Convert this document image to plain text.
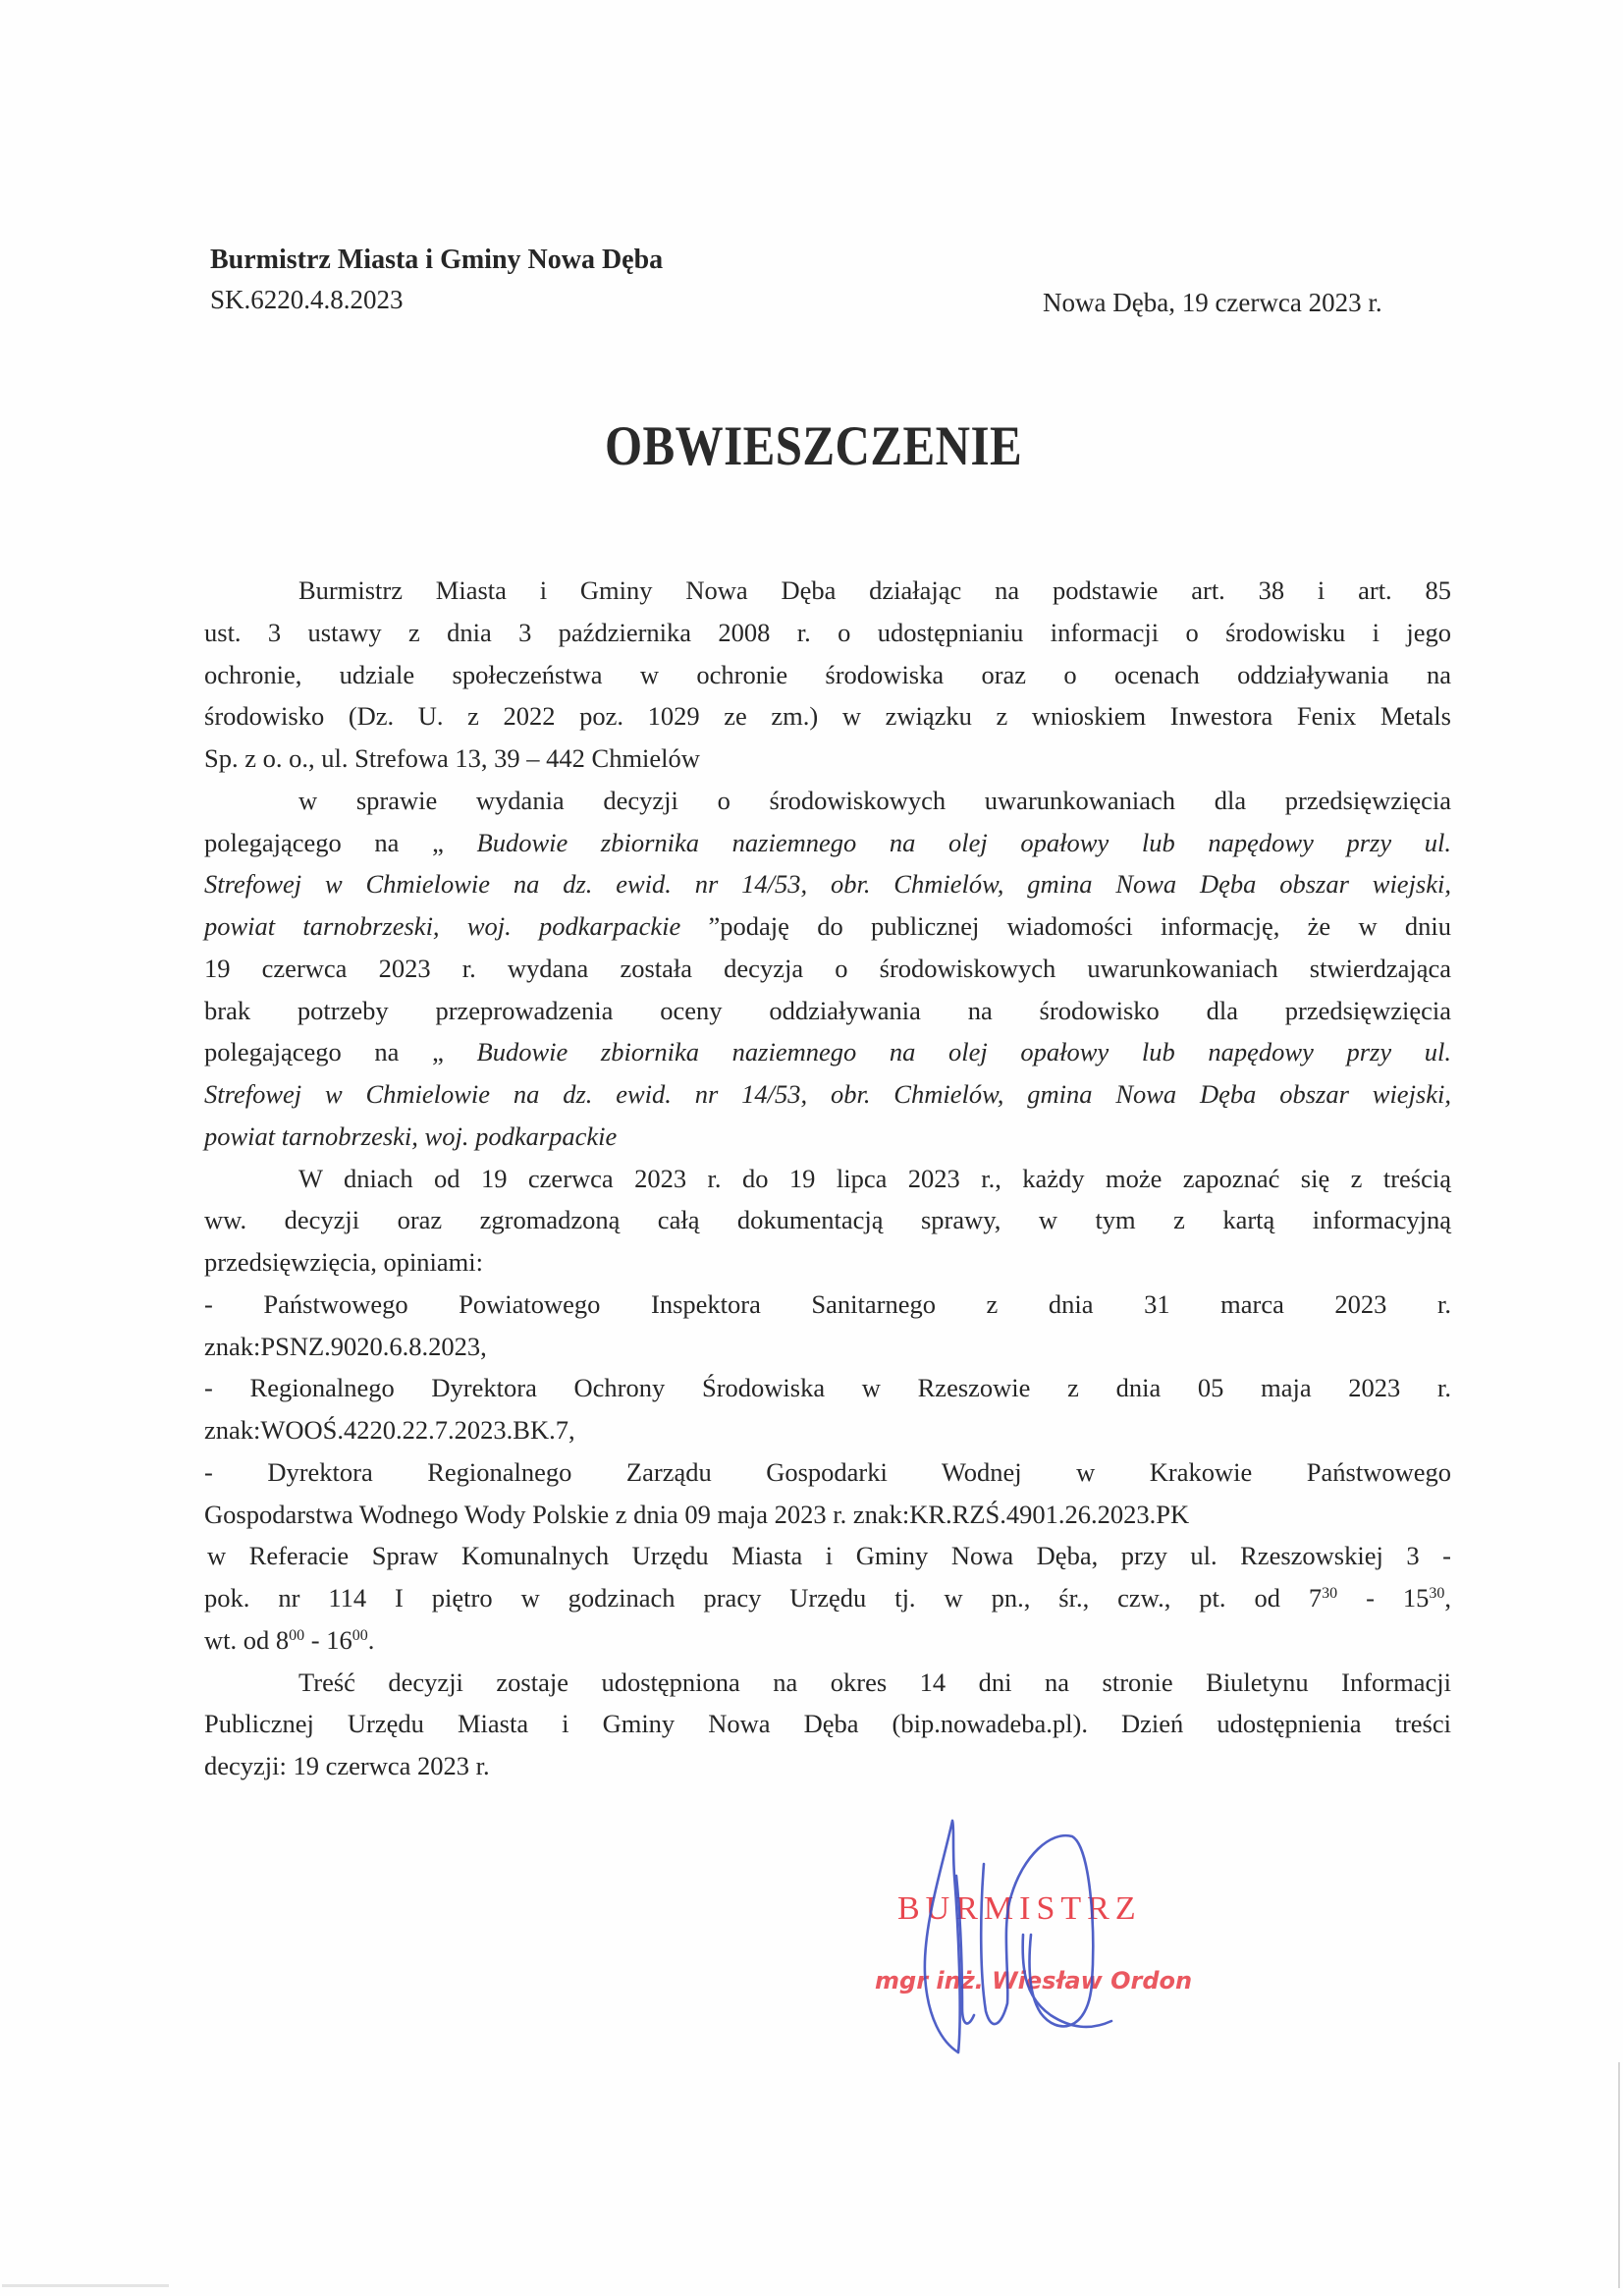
Burmistrz Miasta i Gminy Nowa Dęba
SK.6220.4.8.2023	Nowa Dęba, 19 czerwca 2023 r.
OBWIESZCZENIE
Burmistrz Miasta i Gminy Nowa Dęba działając na podstawie art. 38 i art. 85
ust. 3 ustawy z dnia 3 października 2008 r. o udostępnianiu informacji o środowisku i jego
ochronie, udziale społeczeństwa w ochronie środowiska oraz o ocenach oddziaływania na
środowisko (Dz. U. z 2022 poz. 1029 ze zm.) w związku z wnioskiem Inwestora Fenix Metals
Sp. z o. o., ul. Strefowa 13, 39 – 442 Chmielów
w sprawie wydania decyzji o środowiskowych uwarunkowaniach dla przedsięwzięcia
polegającego na „ Budowie zbiornika naziemnego na olej opałowy lub napędowy przy ul.
Strefowej w Chmielowie na dz. ewid. nr 14/53, obr. Chmielów, gmina Nowa Dęba obszar wiejski,
powiat tarnobrzeski, woj. podkarpackie ”podaję do publicznej wiadomości informację, że w dniu
19 czerwca 2023 r. wydana została decyzja o środowiskowych uwarunkowaniach stwierdzająca
brak potrzeby przeprowadzenia oceny oddziaływania na środowisko dla przedsięwzięcia
polegającego na „ Budowie zbiornika naziemnego na olej opałowy lub napędowy przy ul.
Strefowej w Chmielowie na dz. ewid. nr 14/53, obr. Chmielów, gmina Nowa Dęba obszar wiejski,
powiat tarnobrzeski, woj. podkarpackie
W dniach od 19 czerwca 2023 r. do 19 lipca 2023 r., każdy może zapoznać się z treścią
ww. decyzji oraz zgromadzoną całą dokumentacją sprawy, w tym z kartą informacyjną
przedsięwzięcia, opiniami:
- Państwowego Powiatowego Inspektora Sanitarnego z dnia 31 marca 2023 r.
znak:PSNZ.9020.6.8.2023,
- Regionalnego Dyrektora Ochrony Środowiska w Rzeszowie z dnia 05 maja 2023 r.
znak:WOOŚ.4220.22.7.2023.BK.7,
- Dyrektora Regionalnego Zarządu Gospodarki Wodnej w Krakowie Państwowego
Gospodarstwa Wodnego Wody Polskie z dnia 09 maja 2023 r. znak:KR.RZŚ.4901.26.2023.PK
w Referacie Spraw Komunalnych Urzędu Miasta i Gminy Nowa Dęba, przy ul. Rzeszowskiej 3 -
pok. nr 114 I piętro w godzinach pracy Urzędu tj. w pn., śr., czw., pt. od $7^{30} - 15^{30}$,
wt. od $8^{00} - 16^{00}$.
Treść decyzji zostaje udostępniona na okres 14 dni na stronie Biuletynu Informacji
Publicznej Urzędu Miasta i Gminy Nowa Dęba (bip.nowadeba.pl). Dzień udostępnienia treści
decyzji: 19 czerwca 2023 r.
BURMISTRZ
mgr inż. Wiesław Ordon
